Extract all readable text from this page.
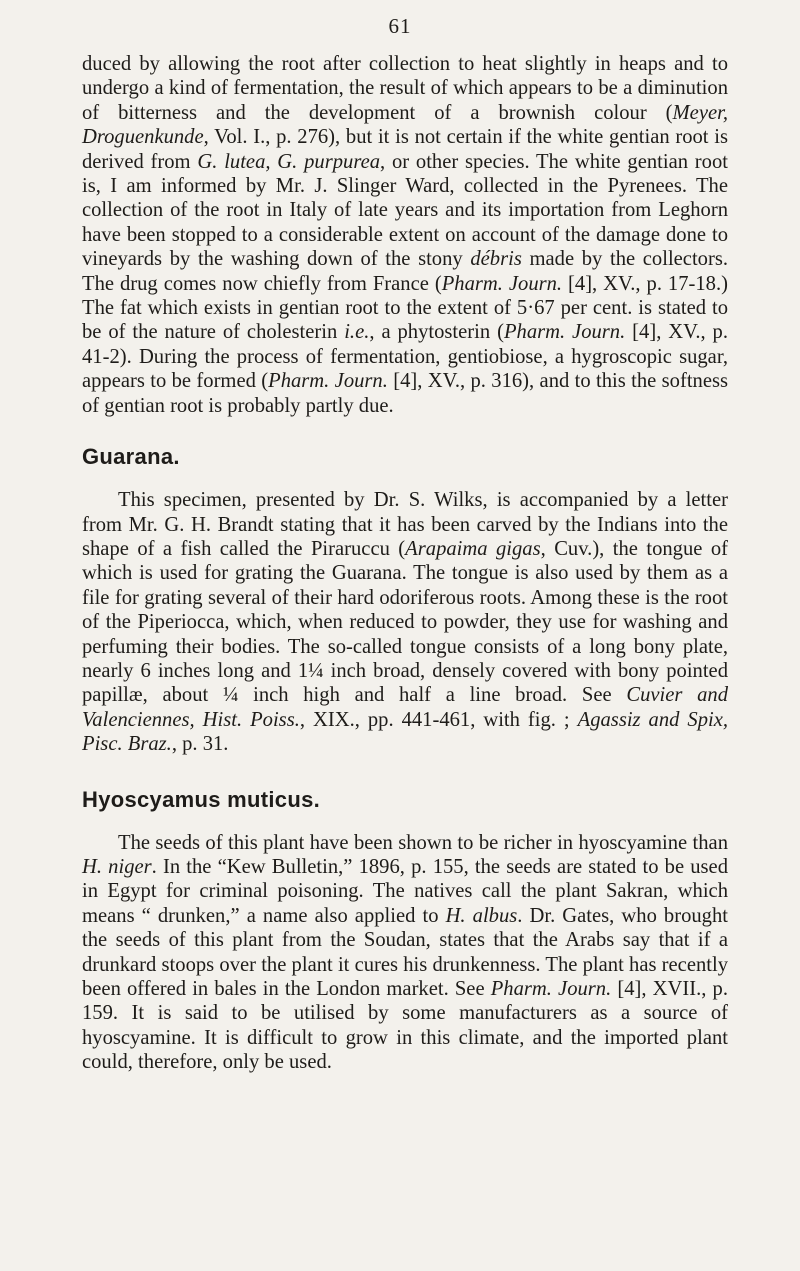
61

duced by allowing the root after collection to heat slightly in heaps and to undergo a kind of fermentation, the result of which appears to be a diminution of bitterness and the development of a brownish colour (Meyer, Droguenkunde, Vol. I., p. 276), but it is not certain if the white gentian root is derived from G. lutea, G. purpurea, or other species. The white gentian root is, I am informed by Mr. J. Slinger Ward, collected in the Pyrenees. The collection of the root in Italy of late years and its importation from Leghorn have been stopped to a considerable extent on account of the damage done to vineyards by the washing down of the stony débris made by the collectors. The drug comes now chiefly from France (Pharm. Journ. [4], XV., p. 17-18.) The fat which exists in gentian root to the extent of 5·67 per cent. is stated to be of the nature of cholesterin i.e., a phytosterin (Pharm. Journ. [4], XV., p. 41-2). During the process of fermentation, gentiobiose, a hygroscopic sugar, appears to be formed (Pharm. Journ. [4], XV., p. 316), and to this the softness of gentian root is probably partly due.

Guarana.

This specimen, presented by Dr. S. Wilks, is accompanied by a letter from Mr. G. H. Brandt stating that it has been carved by the Indians into the shape of a fish called the Piraruccu (Arapaima gigas, Cuv.), the tongue of which is used for grating the Guarana. The tongue is also used by them as a file for grating several of their hard odoriferous roots. Among these is the root of the Piperiocca, which, when reduced to powder, they use for washing and perfuming their bodies. The so-called tongue consists of a long bony plate, nearly 6 inches long and 1¼ inch broad, densely covered with bony pointed papillæ, about ¼ inch high and half a line broad. See Cuvier and Valenciennes, Hist. Poiss., XIX., pp. 441-461, with fig. ; Agassiz and Spix, Pisc. Braz., p. 31.

Hyoscyamus muticus.

The seeds of this plant have been shown to be richer in hyoscyamine than H. niger. In the “Kew Bulletin,” 1896, p. 155, the seeds are stated to be used in Egypt for criminal poisoning. The natives call the plant Sakran, which means “ drunken,” a name also applied to H. albus. Dr. Gates, who brought the seeds of this plant from the Soudan, states that the Arabs say that if a drunkard stoops over the plant it cures his drunkenness. The plant has recently been offered in bales in the London market. See Pharm. Journ. [4], XVII., p. 159. It is said to be utilised by some manufacturers as a source of hyoscyamine. It is difficult to grow in this climate, and the imported plant could, therefore, only be used.
